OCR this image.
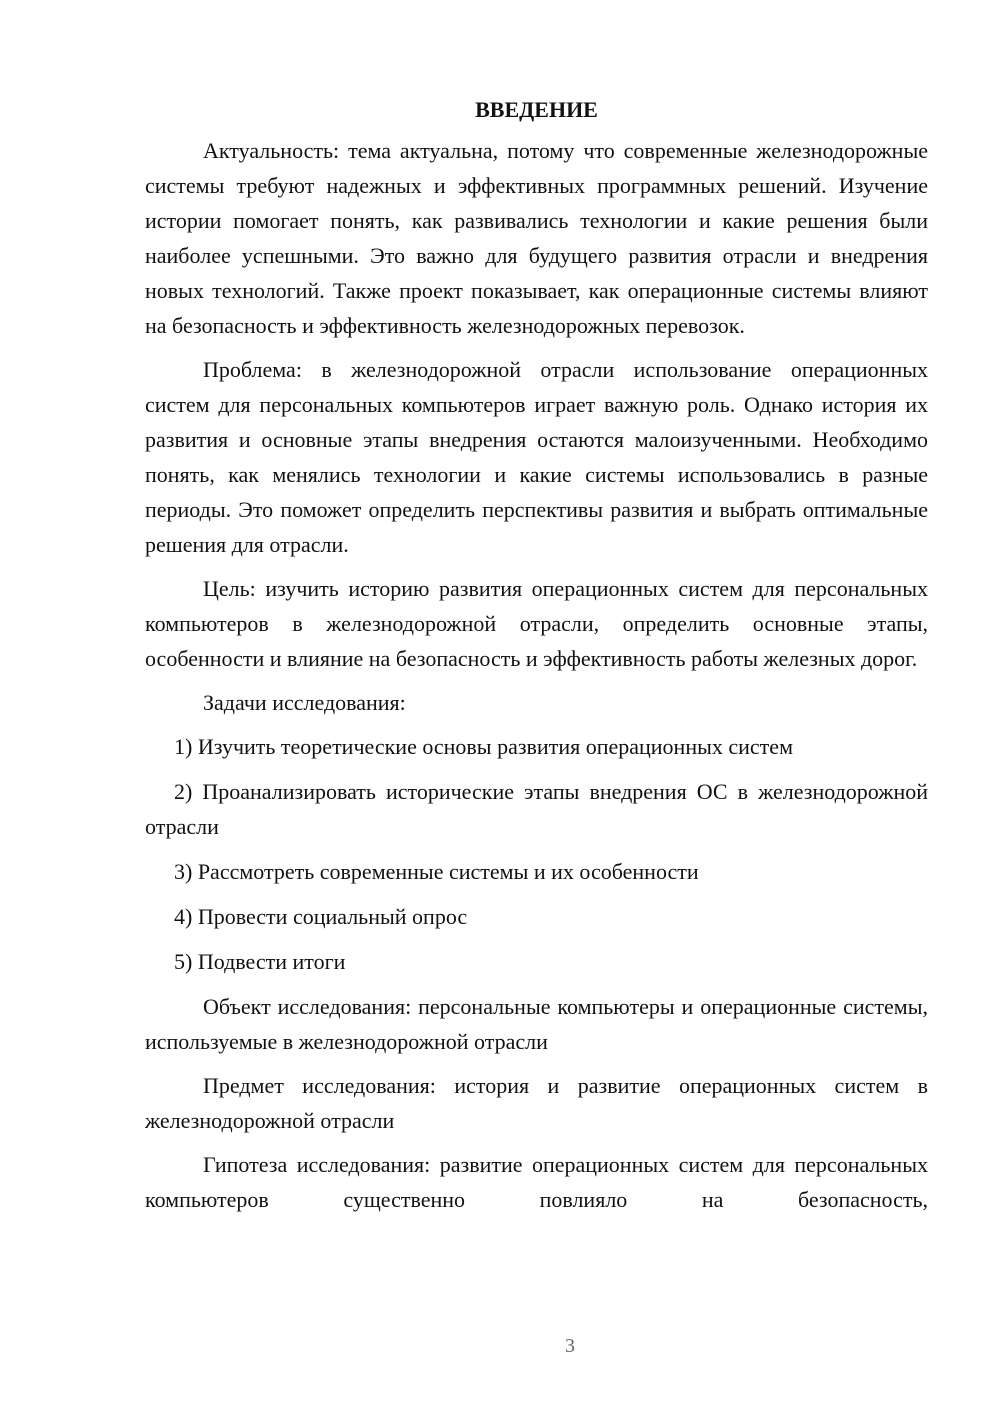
ВВЕДЕНИЕ

Актуальность: тема актуальна, потому что современные железнодорожные системы требуют надежных и эффективных программных решений. Изучение истории помогает понять, как развивались технологии и какие решения были наиболее успешными. Это важно для будущего развития отрасли и внедрения новых технологий. Также проект показывает, как операционные системы влияют на безопасность и эффективность железнодорожных перевозок.

Проблема: в железнодорожной отрасли использование операционных систем для персональных компьютеров играет важную роль. Однако история их развития и основные этапы внедрения остаются малоизученными. Необходимо понять, как менялись технологии и какие системы использовались в разные периоды. Это поможет определить перспективы развития и выбрать оптимальные решения для отрасли.

Цель: изучить историю развития операционных систем для персональных компьютеров в железнодорожной отрасли, определить основные этапы, особенности и влияние на безопасность и эффективность работы железных дорог.

Задачи исследования:

1) Изучить теоретические основы развития операционных систем

2) Проанализировать исторические этапы внедрения ОС в железнодорожной отрасли

3) Рассмотреть современные системы и их особенности

4) Провести социальный опрос

5) Подвести итоги

Объект исследования: персональные компьютеры и операционные системы, используемые в железнодорожной отрасли

Предмет исследования: история и развитие операционных систем в железнодорожной отрасли

Гипотеза исследования: развитие операционных систем для персональных компьютеров существенно повлияло на безопасность,

3
